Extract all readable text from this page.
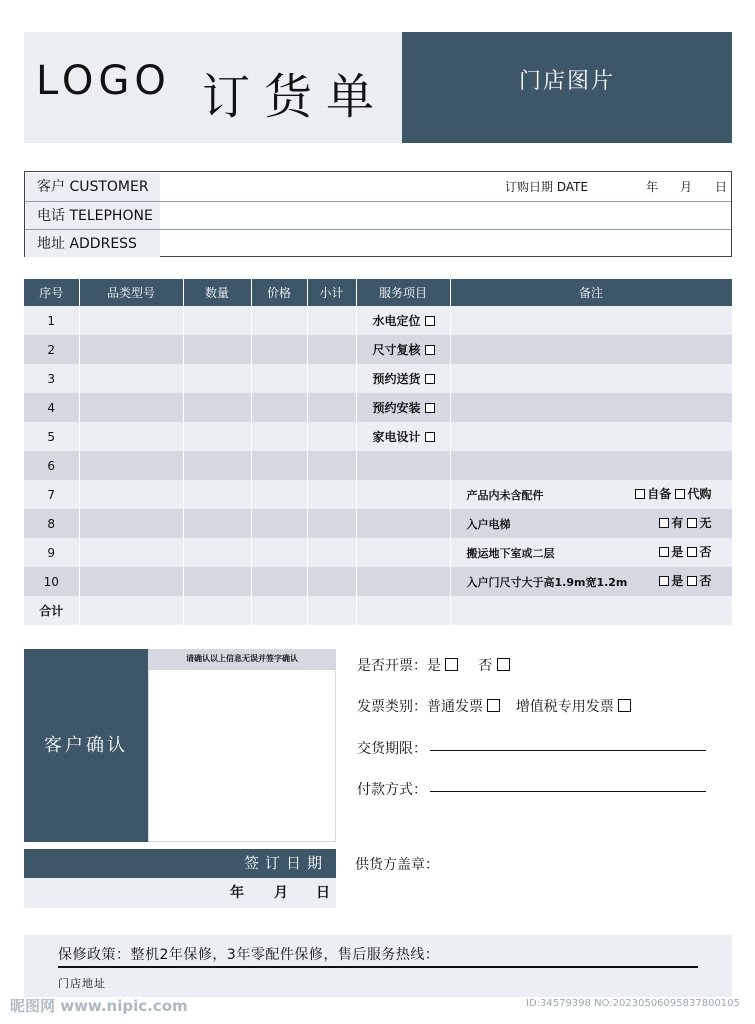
LOGO 订货单	门店图片
客户 CUSTOMER	订购日期 DATE	年 月 日
电话 TELEPHONE
地址 ADDRESS
序号	品类型号	数量	价格	小计	服务项目	备注
1					水电定位	
2					尺寸复核	
3					预约送货	
4					预约安装	
5					家电设计	
6						
7						产品内未含配件 自备 代购

8						入户电梯 有 无

9						搬运地下室或二层 是 否

10						入户门尺寸大于高1.9m宽1.2m 是 否

合计						
客户确认
请确认以上信息无误并签字确认
签订日期
年 月 日
是否开票：是	否
发票类别：普通发票 增值税专用发票
交货期限：
付款方式：
供货方盖章：
保修政策：整机2年保修，3年零配件保修，售后服务热线：
门店地址
昵图网 www.nipic.com	ID:34579398 NO:20230506095837800105
